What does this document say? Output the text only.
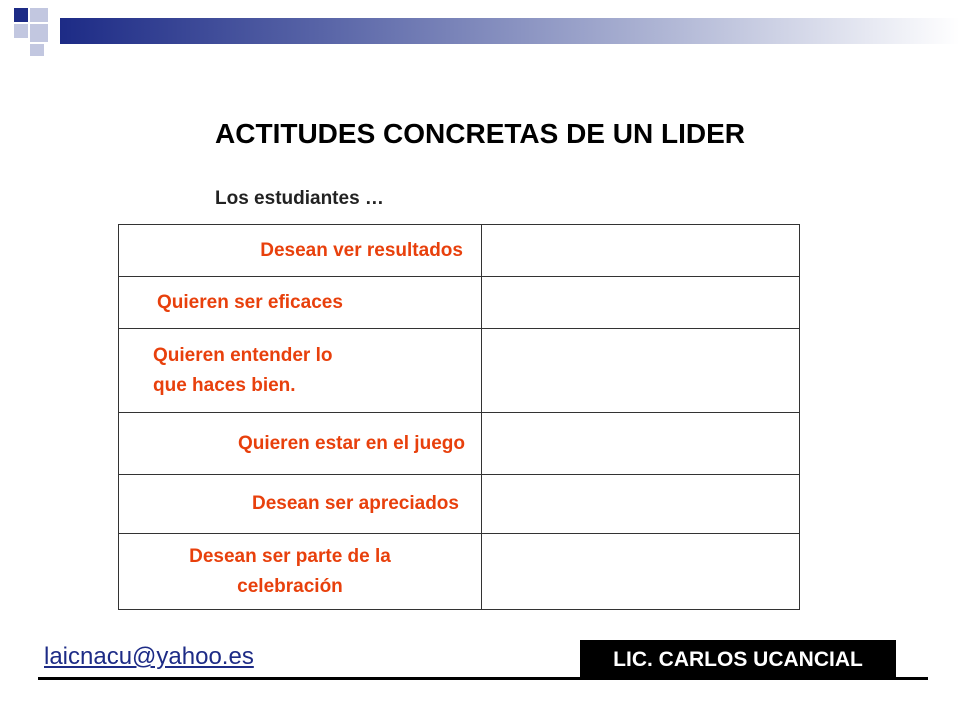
ACTITUDES CONCRETAS DE UN LIDER
Los estudiantes …
Desean ver resultados	
Quieren ser eficaces	
Quieren entender lo que haces bien.	
Quieren estar en el juego	
Desean ser apreciados	
Desean ser parte de la celebración	
laicnacu@yahoo.es	LIC. CARLOS UCANCIAL
